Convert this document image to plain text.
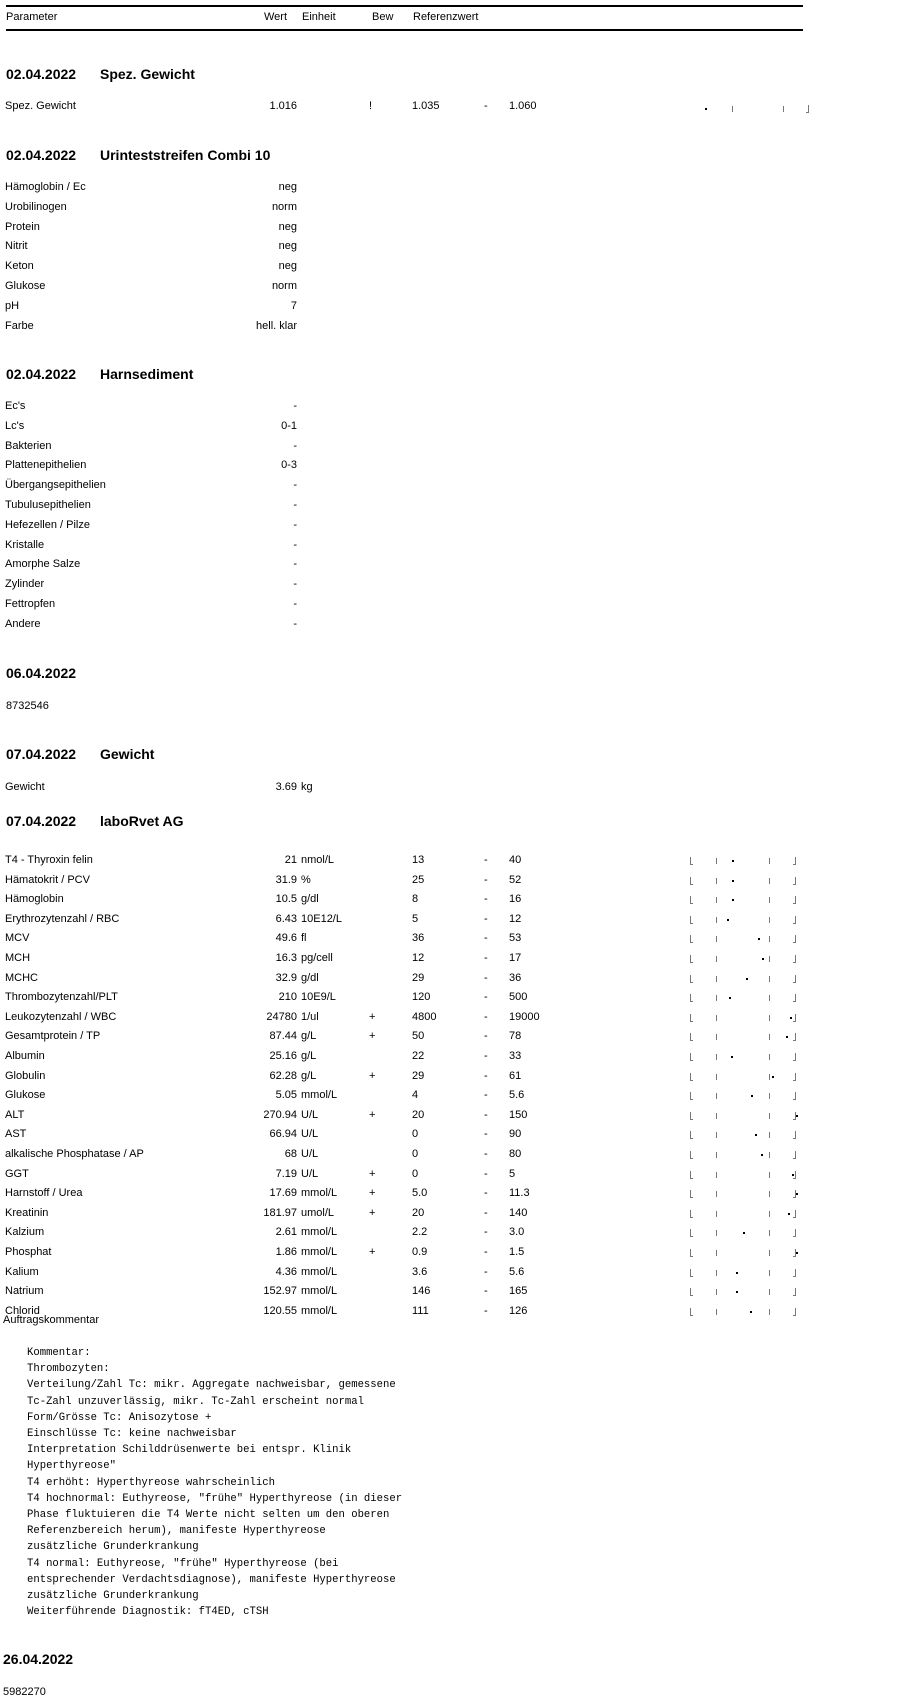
Parameter	Wert Einheit	Bew Referenzwert
02.04.2022 Spez. Gewicht
Spez. Gewicht	1.016	!	1.035	- 1.060
02.04.2022 Urinteststreifen Combi 10
Hämoglobin / Ec	neg
Urobilinogen	norm
Protein	neg
Nitrit	neg
Keton	neg
Glukose	norm
pH	7
Farbe	hell. klar
02.04.2022 Harnsediment
Ec's	-
Lc's	0-1
Bakterien	-
Plattenepithelien	0-3
Übergangsepithelien	-
Tubulusepithelien	-
Hefezellen / Pilze	-
Kristalle	-
Amorphe Salze	-
Zylinder	-
Fettropfen	-
Andere	-
06.04.2022
8732546
07.04.2022 Gewicht
Gewicht	3.69 kg
07.04.2022 laboRvet AG
T4 - Thyroxin felin	21 nmol/L	13	- 40
Hämatokrit / PCV	31.9 %	25	- 52
Hämoglobin	10.5 g/dl	8	- 16
Erythrozytenzahl / RBC	6.43 10E12/L	5	- 12
MCV	49.6 fl	36	- 53
MCH	16.3 pg/cell	12	- 17
MCHC	32.9 g/dl	29	- 36
Thrombozytenzahl/PLT	210 10E9/L	120	- 500
Leukozytenzahl / WBC	24780 1/ul	+	4800	- 19000
Gesamtprotein / TP	87.44 g/L	+	50	- 78
Albumin	25.16 g/L	22	- 33
Globulin	62.28 g/L	+	29	- 61
Glukose	5.05 mmol/L	4	- 5.6
ALT	270.94 U/L	+	20	- 150
AST	66.94 U/L	0	- 90
alkalische Phosphatase / AP	68 U/L	0	- 80
GGT	7.19 U/L	+	0	- 5
Harnstoff / Urea	17.69 mmol/L	+	5.0	- 11.3
Kreatinin	181.97 umol/L	+	20	- 140
Kalzium	2.61 mmol/L	2.2	- 3.0
Phosphat	1.86 mmol/L	+	0.9	- 1.5
Kalium	4.36 mmol/L	3.6	- 5.6
Natrium	152.97 mmol/L	146	- 165
Chlorid	120.55 mmol/L	111	- 126
Auftragskommentar
Kommentar:
Thrombozyten:
Verteilung/Zahl Tc: mikr. Aggregate nachweisbar, gemessene
Tc-Zahl unzuverlässig, mikr. Tc-Zahl erscheint normal
Form/Grösse Tc: Anisozytose +
Einschlüsse Tc: keine nachweisbar
Interpretation Schilddrüsenwerte bei entspr. Klinik
Hyperthyreose"
T4 erhöht: Hyperthyreose wahrscheinlich
T4 hochnormal: Euthyreose, "frühe" Hyperthyreose (in dieser
Phase fluktuieren die T4 Werte nicht selten um den oberen
Referenzbereich herum), manifeste Hyperthyreose
zusätzliche Grunderkrankung
T4 normal: Euthyreose, "frühe" Hyperthyreose (bei
entsprechender Verdachtsdiagnose), manifeste Hyperthyreose
zusätzliche Grunderkrankung
Weiterführende Diagnostik: fT4ED, cTSH
26.04.2022
5982270
